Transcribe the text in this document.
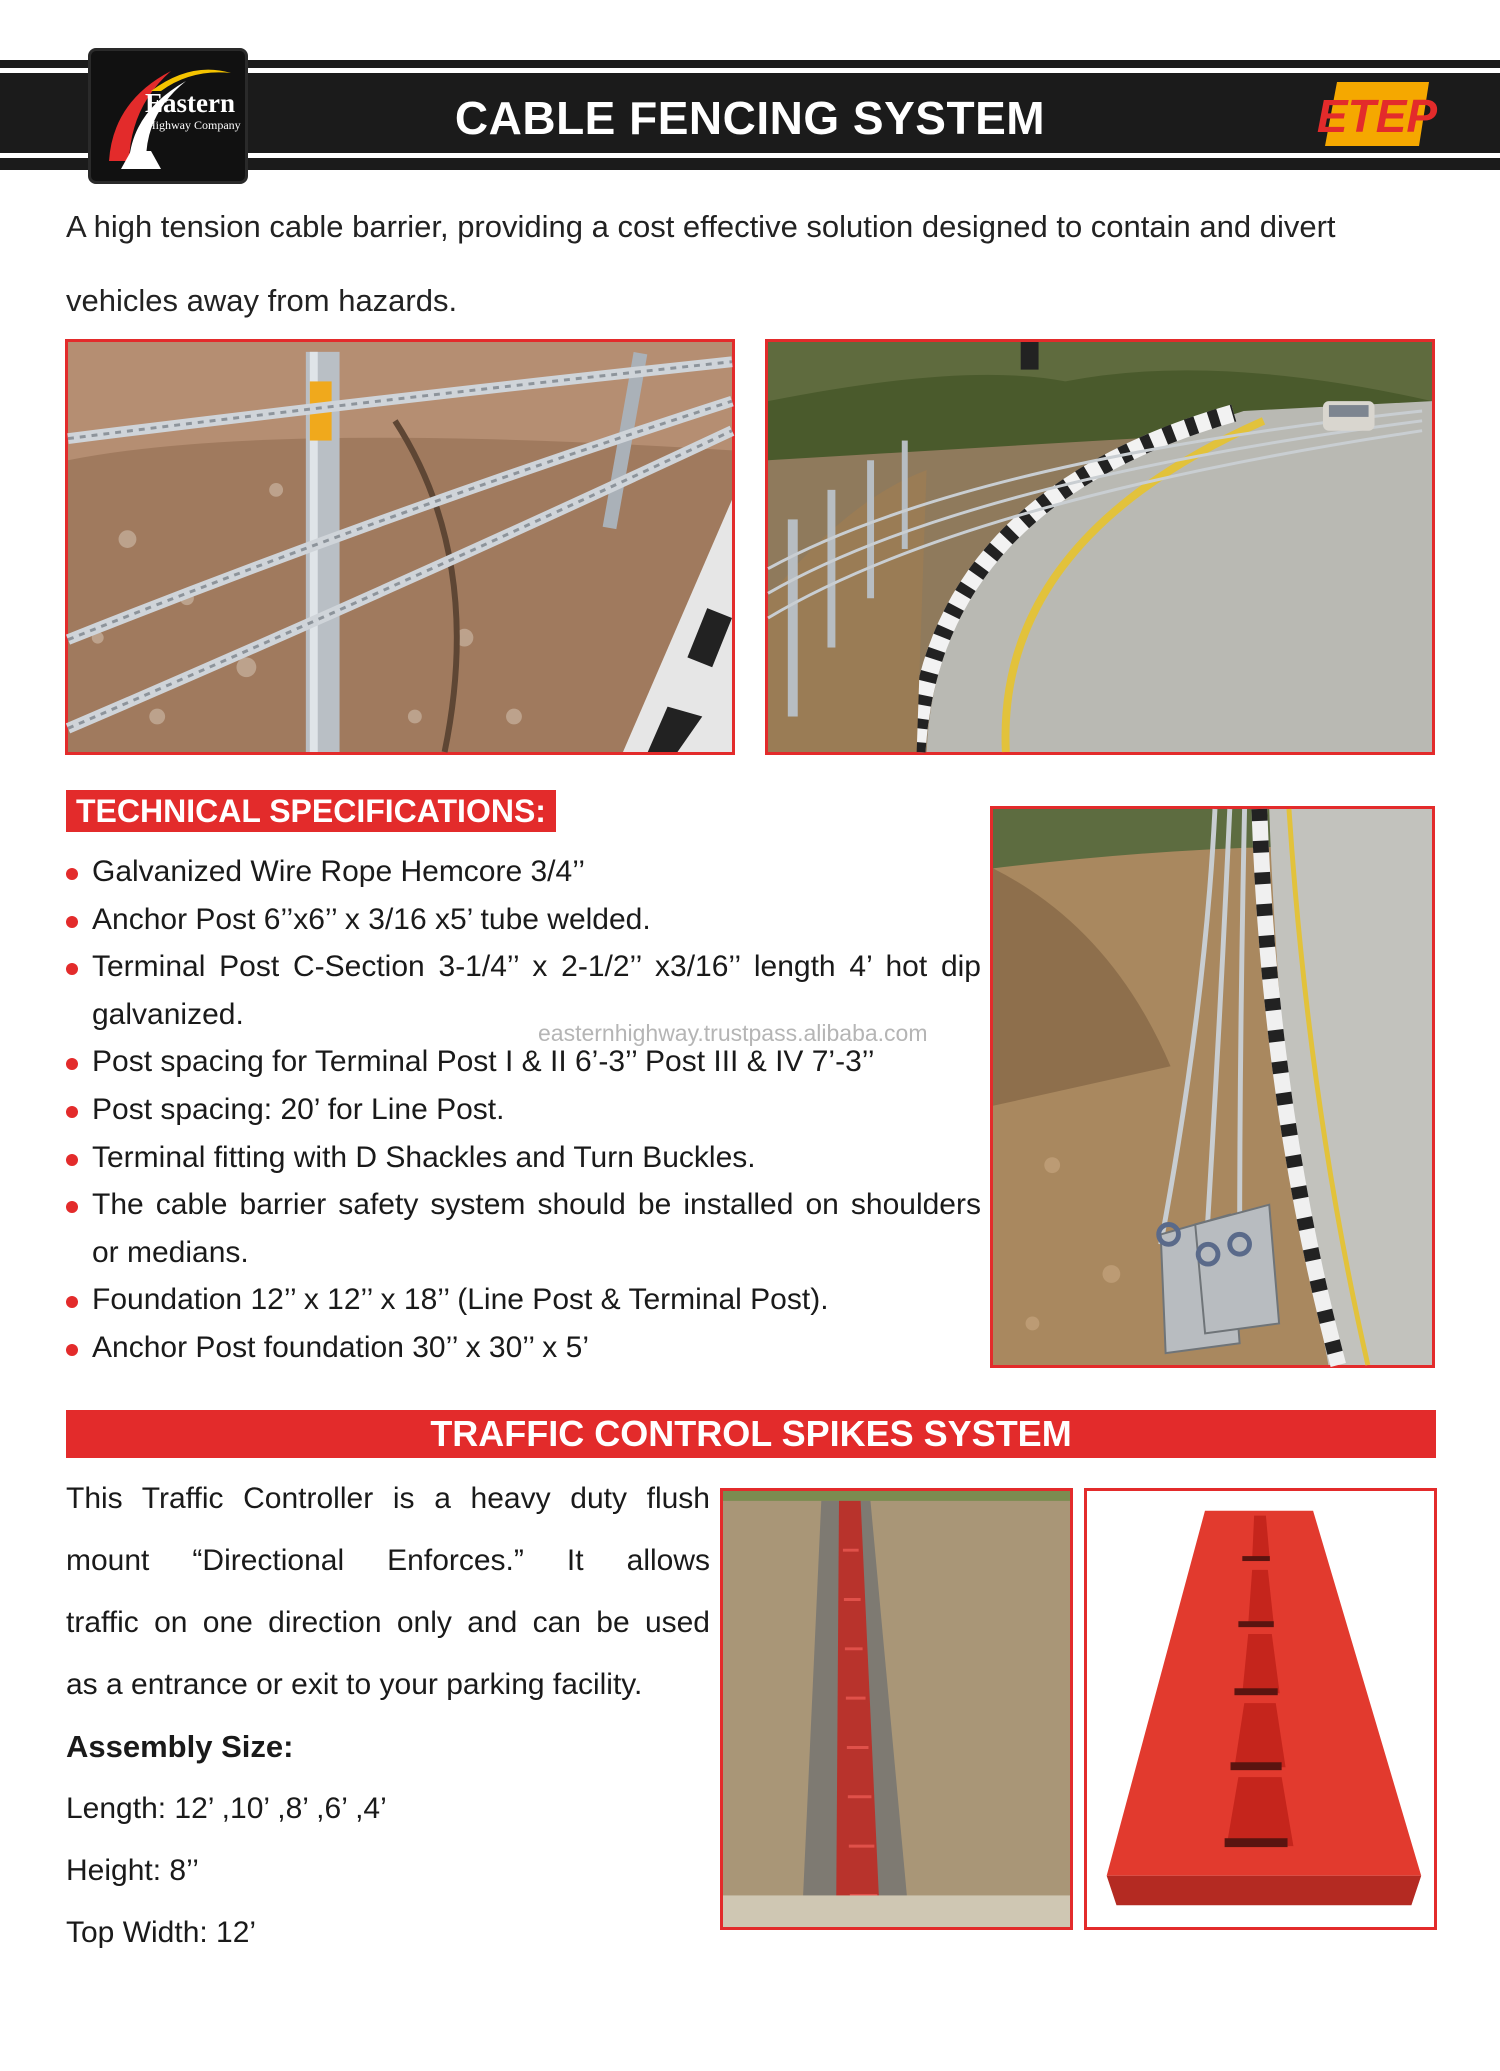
CABLE FENCING SYSTEM
Eastern
Highway Company	ETEP
A high tension cable barrier, providing a cost effective solution designed to contain and divert
vehicles away from hazards.
TECHNICAL SPECIFICATIONS:
Galvanized Wire Rope Hemcore 3/4’’
Anchor Post 6’’x6’’ x 3/16 x5’ tube welded.
Terminal Post C-Section 3-1/4’’ x 2-1/2’’ x3/16’’ length 4’ hot dip galvanized.
Post spacing for Terminal Post I & II 6’-3’’ Post III & IV 7’-3’’
Post spacing: 20’ for Line Post.
Terminal fitting with D Shackles and Turn Buckles.
The cable barrier safety system should be installed on shoulders or medians.
Foundation 12’’ x 12’’ x 18’’ (Line Post & Terminal Post).
Anchor Post foundation 30’’ x 30’’ x 5’
easternhighway.trustpass.alibaba.com
TRAFFIC CONTROL SPIKES SYSTEM
This Traffic Controller is a heavy duty flush
mount “Directional Enforces.” It allows
traffic on one direction only and can be used
as a entrance or exit to your parking facility.
Assembly Size:
Length: 12’ ,10’ ,8’ ,6’ ,4’
Height: 8’’
Top Width: 12’
